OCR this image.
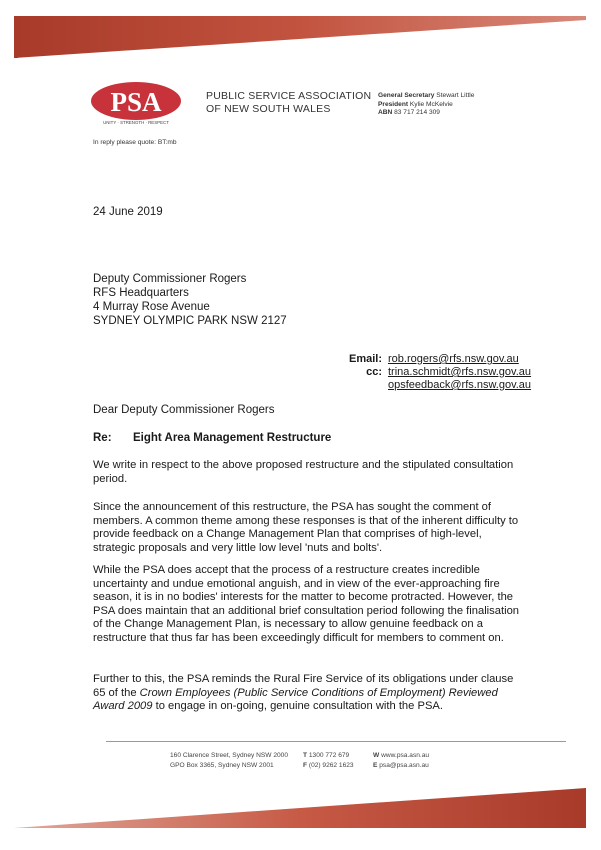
PSA
UNITY · STRENGTH · RESPECT
PUBLIC SERVICE ASSOCIATION
OF NEW SOUTH WALES
General Secretary Stewart Little
President Kylie McKelvie
ABN 83 717 214 309
In reply please quote: BT:mb
24 June 2019
Deputy Commissioner Rogers
RFS Headquarters
4 Murray Rose Avenue
SYDNEY OLYMPIC PARK NSW 2127
Email: rob.rogers@rfs.nsw.gov.au
cc: trina.schmidt@rfs.nsw.gov.au
opsfeedback@rfs.nsw.gov.au
Dear Deputy Commissioner Rogers
Re: Eight Area Management Restructure
We write in respect to the above proposed restructure and the stipulated consultation period.
Since the announcement of this restructure, the PSA has sought the comment of members. A common theme among these responses is that of the inherent difficulty to provide feedback on a Change Management Plan that comprises of high-level, strategic proposals and very little low level 'nuts and bolts'.
While the PSA does accept that the process of a restructure creates incredible uncertainty and undue emotional anguish, and in view of the ever-approaching fire season, it is in no bodies' interests for the matter to become protracted. However, the PSA does maintain that an additional brief consultation period following the finalisation of the Change Management Plan, is necessary to allow genuine feedback on a restructure that thus far has been exceedingly difficult for members to comment on.
Further to this, the PSA reminds the Rural Fire Service of its obligations under clause 65 of the Crown Employees (Public Service Conditions of Employment) Reviewed Award 2009 to engage in on-going, genuine consultation with the PSA.
160 Clarence Street, Sydney NSW 2000
GPO Box 3365, Sydney NSW 2001
T 1300 772 679
F (02) 9262 1623
W www.psa.asn.au
E psa@psa.asn.au
